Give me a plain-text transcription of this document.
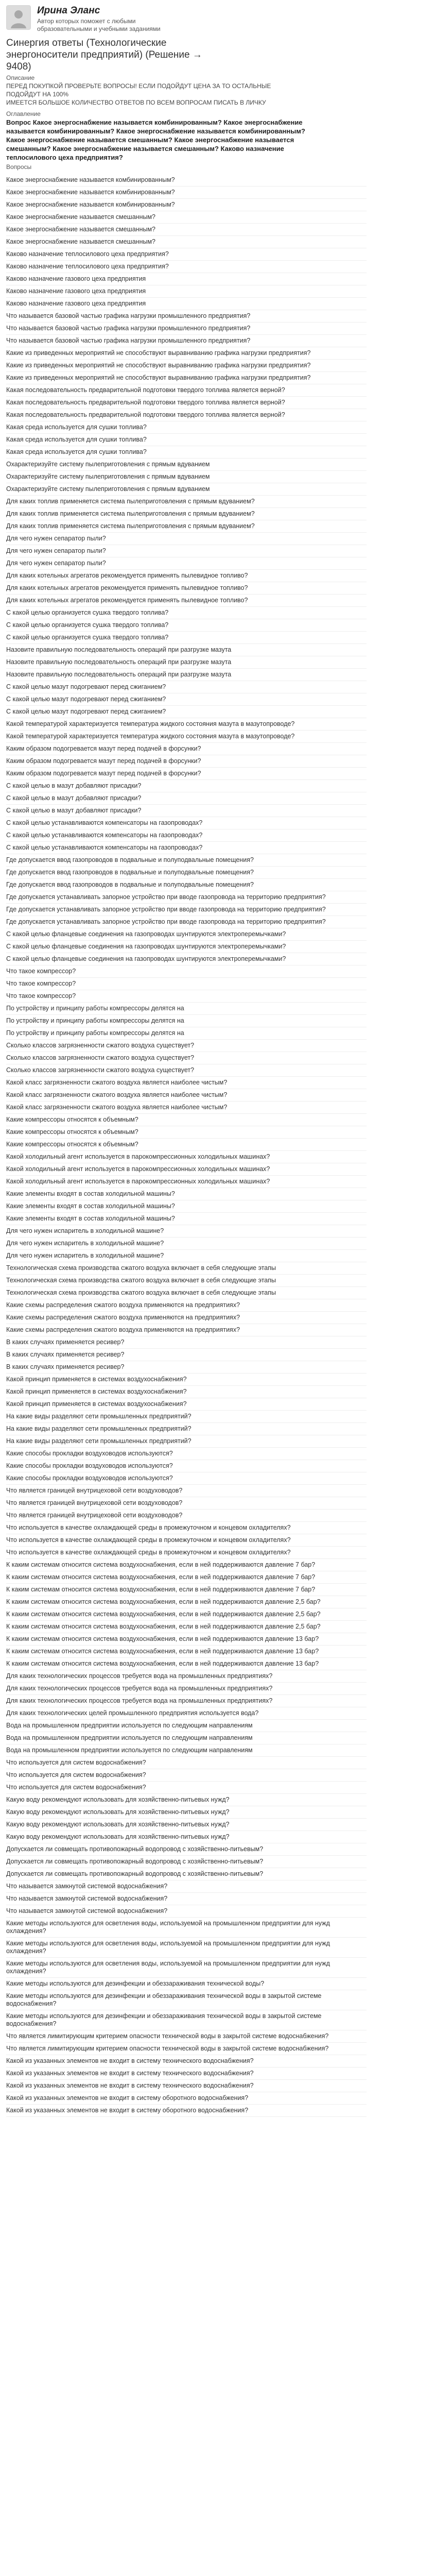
Ирина Эланс
Автор которых поможет с любыми образовательными и учебными заданиями
Синергия ответы (Технологические энергоносители предприятий) (Решение → 9408)
Описание
ПЕРЕД ПОКУПКОЙ ПРОВЕРЬТЕ ВОПРОСЫ! ЕСЛИ ПОДОЙДУТ ЦЕНА ЗА ТО ОСТАЛЬНЫЕ ПОДОЙДУТ НА 100%
ИМЕЕТСЯ БОЛЬШОЕ КОЛИЧЕСТВО ОТВЕТОВ ПО ВСЕМ ВОПРОСАМ ПИСАТЬ В ЛИЧКУ
Оглавление
Вопрос Какое энергоснабжение называется комбинированным? Какое энергоснабжение называется комбинированным? Какое энергоснабжение называется комбинированным? Какое энергоснабжение называется смешанным? Какое энергоснабжение называется смешанным? Какое энергоснабжение называется смешанным? Каково назначение теплосилового цеха предприятия?
Вопросы
Какое энергоснабжение называется комбинированным?
Какое энергоснабжение называется комбинированным?
Какое энергоснабжение называется комбинированным?
Какое энергоснабжение называется смешанным?
Какое энергоснабжение называется смешанным?
Какое энергоснабжение называется смешанным?
Каково назначение теплосилового цеха предприятия?
Каково назначение теплосилового цеха предприятия?
Каково назначение газового цеха предприятия
Каково назначение газового цеха предприятия
Каково назначение газового цеха предприятия
Что называется базовой частью графика нагрузки промышленного предприятия?
Что называется базовой частью графика нагрузки промышленного предприятия?
Что называется базовой частью графика нагрузки промышленного предприятия?
Какие из приведенных мероприятий не способствуют выравниванию графика нагрузки предприятия?
Какие из приведенных мероприятий не способствуют выравниванию графика нагрузки предприятия?
Какие из приведенных мероприятий не способствуют выравниванию графика нагрузки предприятия?
Какая последовательность предварительной подготовки твердого топлива является верной?
Какая последовательность предварительной подготовки твердого топлива является верной?
Какая последовательность предварительной подготовки твердого топлива является верной?
Какая среда используется для сушки топлива?
Какая среда используется для сушки топлива?
Какая среда используется для сушки топлива?
Охарактеризуйте систему пылеприготовления с прямым вдуванием
Охарактеризуйте систему пылеприготовления с прямым вдуванием
Охарактеризуйте систему пылеприготовления с прямым вдуванием
Для каких топлив применяется система пылеприготовления с прямым вдуванием?
Для каких топлив применяется система пылеприготовления с прямым вдуванием?
Для каких топлив применяется система пылеприготовления с прямым вдуванием?
Для чего нужен сепаратор пыли?
Для чего нужен сепаратор пыли?
Для чего нужен сепаратор пыли?
Для каких котельных агрегатов рекомендуется применять пылевидное топливо?
Для каких котельных агрегатов рекомендуется применять пылевидное топливо?
Для каких котельных агрегатов рекомендуется применять пылевидное топливо?
С какой целью организуется сушка твердого топлива?
С какой целью организуется сушка твердого топлива?
С какой целью организуется сушка твердого топлива?
Назовите правильную последовательность операций при разгрузке мазута
Назовите правильную последовательность операций при разгрузке мазута
Назовите правильную последовательность операций при разгрузке мазута
С какой целью мазут подогревают перед сжиганием?
С какой целью мазут подогревают перед сжиганием?
С какой целью мазут подогревают перед сжиганием?
Какой температурой характеризуется температура жидкого состояния мазута в мазутопроводе?
Какой температурой характеризуется температура жидкого состояния мазута в мазутопроводе?
Каким образом подогревается мазут перед подачей в форсунки?
Каким образом подогревается мазут перед подачей в форсунки?
Каким образом подогревается мазут перед подачей в форсунки?
С какой целью в мазут добавляют присадки?
С какой целью в мазут добавляют присадки?
С какой целью в мазут добавляют присадки?
С какой целью устанавливаются компенсаторы на газопроводах?
С какой целью устанавливаются компенсаторы на газопроводах?
С какой целью устанавливаются компенсаторы на газопроводах?
Где допускается ввод газопроводов в подвальные и полуподвальные помещения?
Где допускается ввод газопроводов в подвальные и полуподвальные помещения?
Где допускается ввод газопроводов в подвальные и полуподвальные помещения?
Где допускается устанавливать запорное устройство при вводе газопровода на территорию предприятия?
Где допускается устанавливать запорное устройство при вводе газопровода на территорию предприятия?
Где допускается устанавливать запорное устройство при вводе газопровода на территорию предприятия?
С какой целью фланцевые соединения на газопроводах шунтируются электроперемычками?
С какой целью фланцевые соединения на газопроводах шунтируются электроперемычками?
С какой целью фланцевые соединения на газопроводах шунтируются электроперемычками?
Что такое компрессор?
Что такое компрессор?
Что такое компрессор?
По устройству и принципу работы компрессоры делятся на
По устройству и принципу работы компрессоры делятся на
По устройству и принципу работы компрессоры делятся на
Сколько классов загрязненности сжатого воздуха существует?
Сколько классов загрязненности сжатого воздуха существует?
Сколько классов загрязненности сжатого воздуха существует?
Какой класс загрязненности сжатого воздуха является наиболее чистым?
Какой класс загрязненности сжатого воздуха является наиболее чистым?
Какой класс загрязненности сжатого воздуха является наиболее чистым?
Какие компрессоры относятся к объемным?
Какие компрессоры относятся к объемным?
Какие компрессоры относятся к объемным?
Какой холодильный агент используется в парокомпрессионных холодильных машинах?
Какой холодильный агент используется в парокомпрессионных холодильных машинах?
Какой холодильный агент используется в парокомпрессионных холодильных машинах?
Какие элементы входят в состав холодильной машины?
Какие элементы входят в состав холодильной машины?
Какие элементы входят в состав холодильной машины?
Для чего нужен испаритель в холодильной машине?
Для чего нужен испаритель в холодильной машине?
Для чего нужен испаритель в холодильной машине?
Технологическая схема производства сжатого воздуха включает в себя следующие этапы
Технологическая схема производства сжатого воздуха включает в себя следующие этапы
Технологическая схема производства сжатого воздуха включает в себя следующие этапы
Какие схемы распределения сжатого воздуха применяются на предприятиях?
Какие схемы распределения сжатого воздуха применяются на предприятиях?
Какие схемы распределения сжатого воздуха применяются на предприятиях?
В каких случаях применяется ресивер?
В каких случаях применяется ресивер?
В каких случаях применяется ресивер?
Какой принцип применяется в системах воздухоснабжения?
Какой принцип применяется в системах воздухоснабжения?
Какой принцип применяется в системах воздухоснабжения?
На какие виды разделяют сети промышленных предприятий?
На какие виды разделяют сети промышленных предприятий?
На какие виды разделяют сети промышленных предприятий?
Какие способы прокладки воздуховодов используются?
Какие способы прокладки воздуховодов используются?
Какие способы прокладки воздуховодов используются?
Что является границей внутрицеховой сети воздуховодов?
Что является границей внутрицеховой сети воздуховодов?
Что является границей внутрицеховой сети воздуховодов?
Что используется в качестве охлаждающей среды в промежуточном и концевом охладителях?
Что используется в качестве охлаждающей среды в промежуточном и концевом охладителях?
Что используется в качестве охлаждающей среды в промежуточном и концевом охладителях?
К каким системам относится система воздухоснабжения, если в ней поддерживаются давление 7 бар?
К каким системам относится система воздухоснабжения, если в ней поддерживаются давление 7 бар?
К каким системам относится система воздухоснабжения, если в ней поддерживаются давление 7 бар?
К каким системам относится система воздухоснабжения, если в ней поддерживаются давление 2,5 бар?
К каким системам относится система воздухоснабжения, если в ней поддерживаются давление 2,5 бар?
К каким системам относится система воздухоснабжения, если в ней поддерживаются давление 2,5 бар?
К каким системам относится система воздухоснабжения, если в ней поддерживаются давление 13 бар?
К каким системам относится система воздухоснабжения, если в ней поддерживаются давление 13 бар?
К каким системам относится система воздухоснабжения, если в ней поддерживаются давление 13 бар?
Для каких технологических процессов требуется вода на промышленных предприятиях?
Для каких технологических процессов требуется вода на промышленных предприятиях?
Для каких технологических процессов требуется вода на промышленных предприятиях?
Для каких технологических целей промышленного предприятия используется вода?
Вода на промышленном предприятии используется по следующим направлениям
Вода на промышленном предприятии используется по следующим направлениям
Вода на промышленном предприятии используется по следующим направлениям
Что используется для систем водоснабжения?
Что используется для систем водоснабжения?
Что используется для систем водоснабжения?
Какую воду рекомендуют использовать для хозяйственно-питьевых нужд?
Какую воду рекомендуют использовать для хозяйственно-питьевых нужд?
Какую воду рекомендуют использовать для хозяйственно-питьевых нужд?
Какую воду рекомендуют использовать для хозяйственно-питьевых нужд?
Допускается ли совмещать противопожарный водопровод с хозяйственно-питьевым?
Допускается ли совмещать противопожарный водопровод с хозяйственно-питьевым?
Допускается ли совмещать противопожарный водопровод с хозяйственно-питьевым?
Что называется замкнутой системой водоснабжения?
Что называется замкнутой системой водоснабжения?
Что называется замкнутой системой водоснабжения?
Какие методы используются для осветления воды, используемой на промышленном предприятии для нужд охлаждения?
Какие методы используются для осветления воды, используемой на промышленном предприятии для нужд охлаждения?
Какие методы используются для осветления воды, используемой на промышленном предприятии для нужд охлаждения?
Какие методы используются для дезинфекции и обеззараживания технической воды?
Какие методы используются для дезинфекции и обеззараживания технической воды в закрытой системе водоснабжения?
Какие методы используются для дезинфекции и обеззараживания технической воды в закрытой системе водоснабжения?
Что является лимитирующим критерием опасности технической воды в закрытой системе водоснабжения?
Что является лимитирующим критерием опасности технической воды в закрытой системе водоснабжения?
Какой из указанных элементов не входит в систему технического водоснабжения?
Какой из указанных элементов не входит в систему технического водоснабжения?
Какой из указанных элементов не входит в систему технического водоснабжения?
Какой из указанных элементов не входит в систему оборотного водоснабжения?
Какой из указанных элементов не входит в систему оборотного водоснабжения?
